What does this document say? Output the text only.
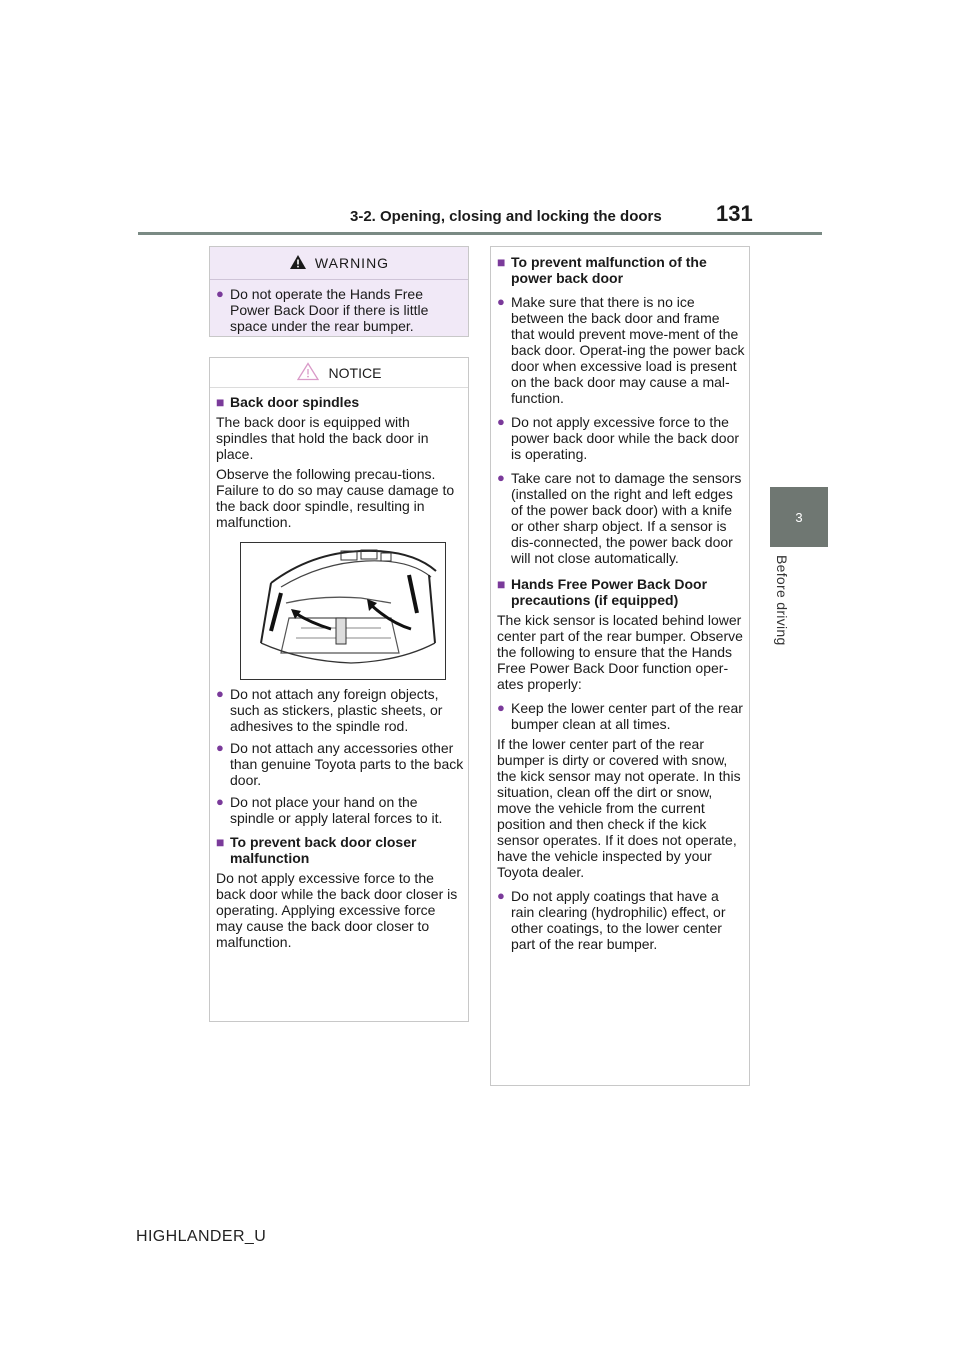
3-2. Opening, closing and locking the doors 131
3
Before driving
WARNING
● Do not operate the Hands Free Power Back Door if there is little space under the rear bumper.
NOTICE
■ Back door spindles
The back door is equipped with spindles that hold the back door in place.
Observe the following precau-tions. Failure to do so may cause damage to the back door spindle, resulting in malfunction.
● Do not attach any foreign objects, such as stickers, plastic sheets, or adhesives to the spindle rod.
● Do not attach any accessories other than genuine Toyota parts to the back door.
● Do not place your hand on the spindle or apply lateral forces to it.
■ To prevent back door closer malfunction
Do not apply excessive force to the back door while the back door closer is operating. Applying excessive force may cause the back door closer to malfunction.
■ To prevent malfunction of the power back door
● Make sure that there is no ice between the back door and frame that would prevent move-ment of the back door. Operat-ing the power back door when excessive load is present on the back door may cause a mal-function.
● Do not apply excessive force to the power back door while the back door is operating.
● Take care not to damage the sensors (installed on the right and left edges of the power back door) with a knife or other sharp object. If a sensor is dis-connected, the power back door will not close automatically.
■ Hands Free Power Back Door precautions (if equipped)
The kick sensor is located behind lower center part of the rear bumper. Observe the following to ensure that the Hands Free Power Back Door function oper-ates properly:
● Keep the lower center part of the rear bumper clean at all times.
If the lower center part of the rear bumper is dirty or covered with snow, the kick sensor may not operate. In this situation, clean off the dirt or snow, move the vehicle from the current position and then check if the kick sensor operates. If it does not operate, have the vehicle inspected by your Toyota dealer.
● Do not apply coatings that have a rain clearing (hydrophilic) effect, or other coatings, to the lower center part of the rear bumper.
HIGHLANDER_U
